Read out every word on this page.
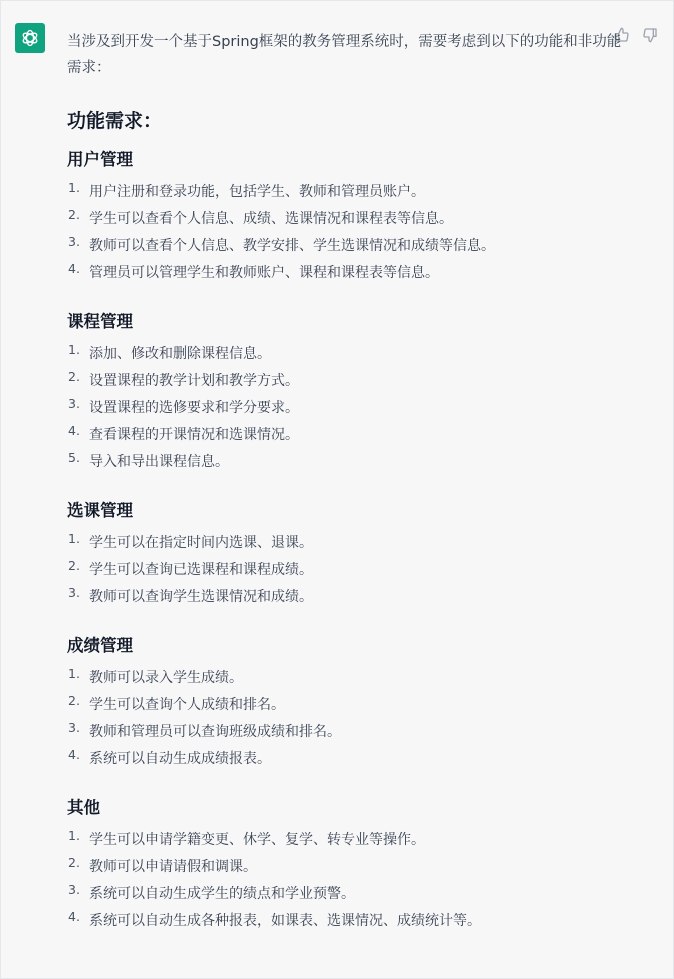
当涉及到开发一个基于Spring框架的教务管理系统时，需要考虑到以下的功能和非功能需求：

功能需求：
用户管理
1. 用户注册和登录功能，包括学生、教师和管理员账户。
2. 学生可以查看个人信息、成绩、选课情况和课程表等信息。
3. 教师可以查看个人信息、教学安排、学生选课情况和成绩等信息。
4. 管理员可以管理学生和教师账户、课程和课程表等信息。
课程管理
1. 添加、修改和删除课程信息。
2. 设置课程的教学计划和教学方式。
3. 设置课程的选修要求和学分要求。
4. 查看课程的开课情况和选课情况。
5. 导入和导出课程信息。
选课管理
1. 学生可以在指定时间内选课、退课。
2. 学生可以查询已选课程和课程成绩。
3. 教师可以查询学生选课情况和成绩。
成绩管理
1. 教师可以录入学生成绩。
2. 学生可以查询个人成绩和排名。
3. 教师和管理员可以查询班级成绩和排名。
4. 系统可以自动生成成绩报表。
其他
1. 学生可以申请学籍变更、休学、复学、转专业等操作。
2. 教师可以申请请假和调课。
3. 系统可以自动生成学生的绩点和学业预警。
4. 系统可以自动生成各种报表，如课表、选课情况、成绩统计等。
